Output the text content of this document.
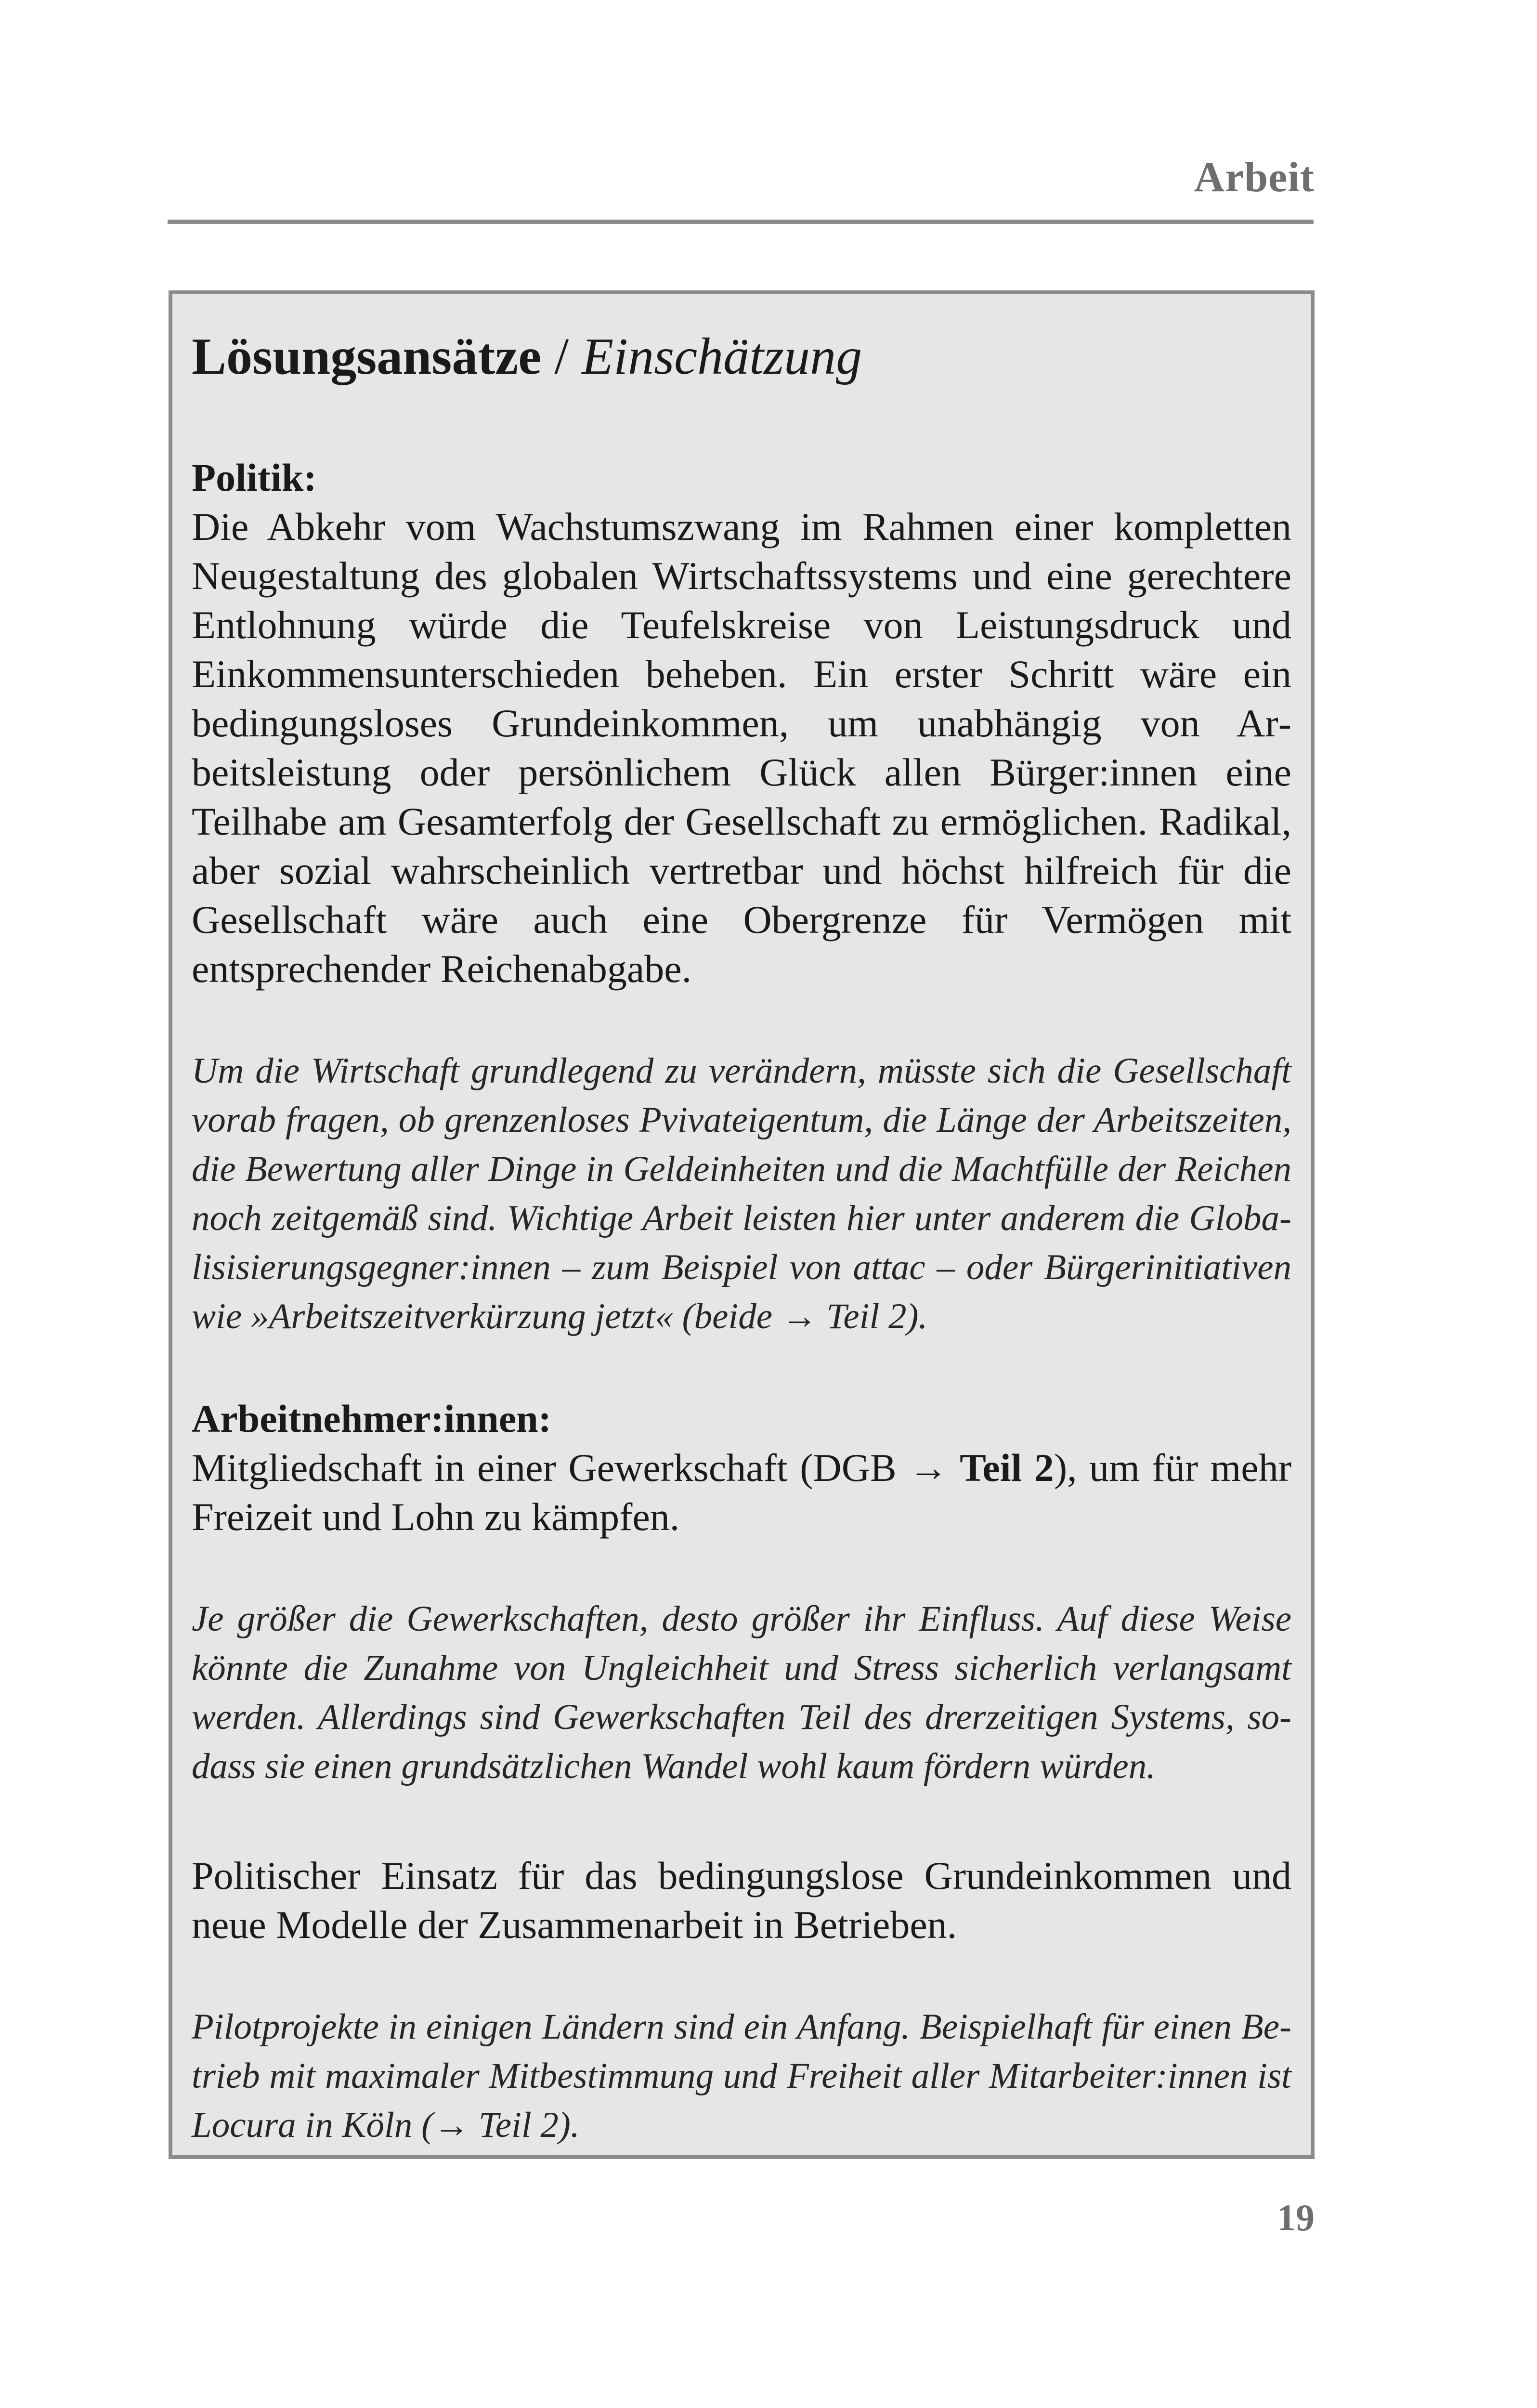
Arbeit
Lösungsansätze / Einschätzung

Politik:

Die Abkehr vom Wachstumszwang im Rahmen einer kompletten Neugestaltung des globalen Wirtschaftssystems und eine gerechtere Entlohnung würde die Teufelskreise von Leistungsdruck und Einkommensunterschieden beheben. Ein erster Schritt wäre ein bedingungsloses Grundeinkommen, um unabhängig von Arbeitsleistung oder persönlichem Glück allen Bürger:innen eine Teilhabe am Gesamterfolg der Gesellschaft zu ermöglichen. Radikal, aber sozial wahrscheinlich vertretbar und höchst hilfreich für die Gesellschaft wäre auch eine Obergrenze für Vermögen mit entsprechender Reichenabgabe.

Um die Wirtschaft grundlegend zu verändern, müsste sich die Gesellschaft vorab fragen, ob grenzenloses Pvivateigentum, die Länge der Arbeitszeiten, die Bewertung aller Dinge in Geldeinheiten und die Machtfülle der Reichen noch zeitgemäß sind. Wichtige Arbeit leisten hier unter anderem die Globalisisierungsgegner:innen – zum Beispiel von attac – oder Bürgerinitiativen wie »Arbeitszeitverkürzung jetzt« (beide → Teil 2).

Arbeitnehmer:innen:

Mitgliedschaft in einer Gewerkschaft (DGB → Teil 2), um für mehr Freizeit und Lohn zu kämpfen.

Je größer die Gewerkschaften, desto größer ihr Einfluss. Auf diese Weise könnte die Zunahme von Ungleichheit und Stress sicherlich verlangsamt werden. Allerdings sind Gewerkschaften Teil des drerzeitigen Systems, sodass sie einen grundsätzlichen Wandel wohl kaum fördern würden.

Politischer Einsatz für das bedingungslose Grundeinkommen und neue Modelle der Zusammenarbeit in Betrieben.

Pilotprojekte in einigen Ländern sind ein Anfang. Beispielhaft für einen Betrieb mit maximaler Mitbestimmung und Freiheit aller Mitarbeiter:innen ist Locura in Köln (→ Teil 2).

19
